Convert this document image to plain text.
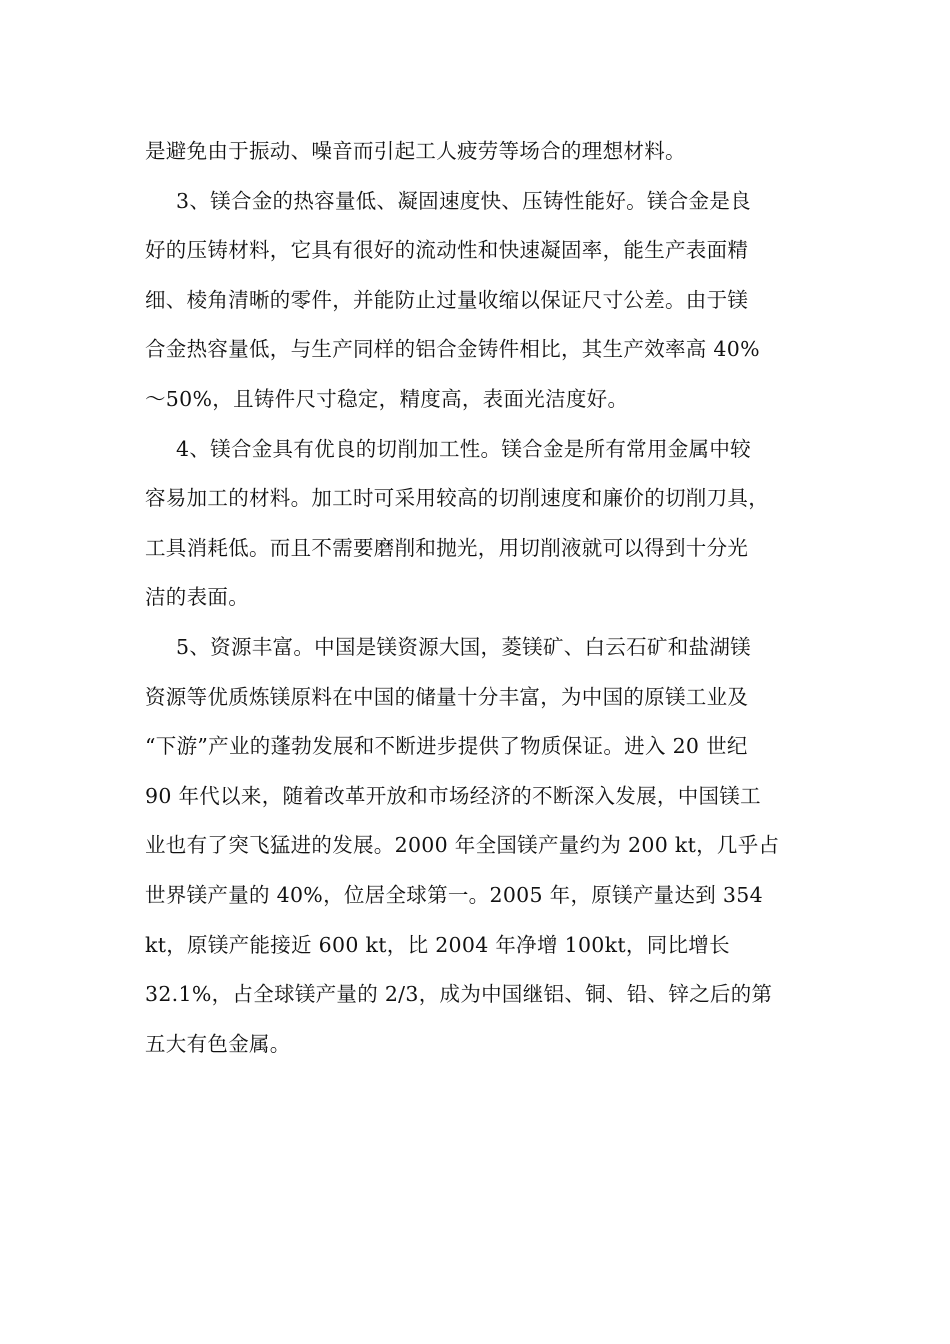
是避免由于振动、噪音而引起工人疲劳等场合的理想材料。
3、镁合金的热容量低、凝固速度快、压铸性能好。镁合金是良
好的压铸材料，它具有很好的流动性和快速凝固率，能生产表面精
细、棱角清晰的零件，并能防止过量收缩以保证尺寸公差。由于镁
合金热容量低，与生产同样的铝合金铸件相比，其生产效率高 40%
～50%，且铸件尺寸稳定，精度高，表面光洁度好。
4、镁合金具有优良的切削加工性。镁合金是所有常用金属中较
容易加工的材料。加工时可采用较高的切削速度和廉价的切削刀具，
工具消耗低。而且不需要磨削和抛光，用切削液就可以得到十分光
洁的表面。
5、资源丰富。中国是镁资源大国，菱镁矿、白云石矿和盐湖镁
资源等优质炼镁原料在中国的储量十分丰富，为中国的原镁工业及
“下游”产业的蓬勃发展和不断进步提供了物质保证。进入 20 世纪
90 年代以来，随着改革开放和市场经济的不断深入发展，中国镁工
业也有了突飞猛进的发展。2000 年全国镁产量约为 200 kt，几乎占
世界镁产量的 40%，位居全球第一。2005 年，原镁产量达到 354
kt，原镁产能接近 600 kt，比 2004 年净增 100kt，同比增长
32.1%，占全球镁产量的 2/3，成为中国继铝、铜、铅、锌之后的第
五大有色金属。
